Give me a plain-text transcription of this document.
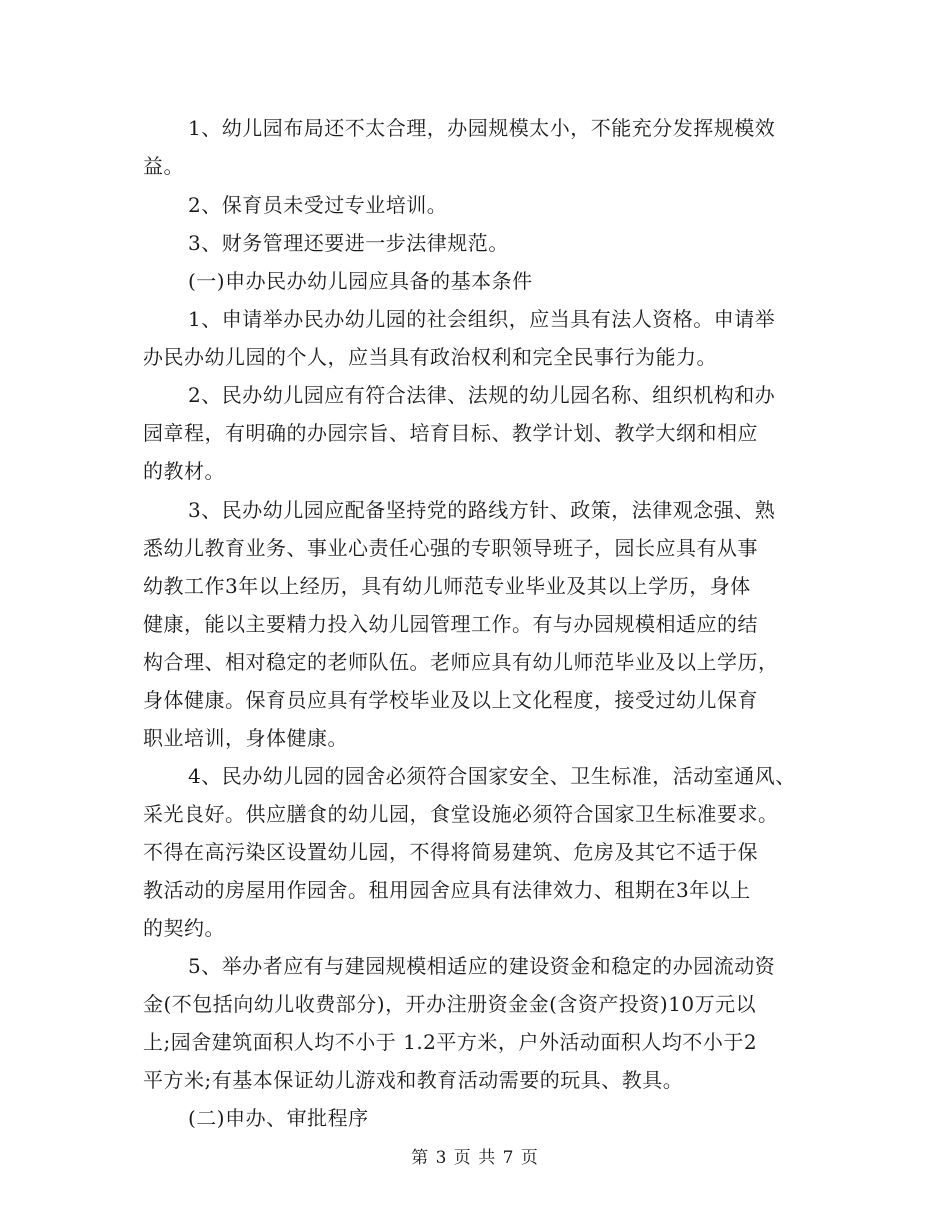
1、幼儿园布局还不太合理，办园规模太小，不能充分发挥规模效
益。
2、保育员未受过专业培训。
3、财务管理还要进一步法律规范。
(一)申办民办幼儿园应具备的基本条件
1、申请举办民办幼儿园的社会组织，应当具有法人资格。申请举
办民办幼儿园的个人，应当具有政治权利和完全民事行为能力。
2、民办幼儿园应有符合法律、法规的幼儿园名称、组织机构和办
园章程，有明确的办园宗旨、培育目标、教学计划、教学大纲和相应
的教材。
3、民办幼儿园应配备坚持党的路线方针、政策，法律观念强、熟
悉幼儿教育业务、事业心责任心强的专职领导班子，园长应具有从事
幼教工作3年以上经历，具有幼儿师范专业毕业及其以上学历，身体
健康，能以主要精力投入幼儿园管理工作。有与办园规模相适应的结
构合理、相对稳定的老师队伍。老师应具有幼儿师范毕业及以上学历，
身体健康。保育员应具有学校毕业及以上文化程度，接受过幼儿保育
职业培训，身体健康。
4、民办幼儿园的园舍必须符合国家安全、卫生标准，活动室通风、
采光良好。供应膳食的幼儿园，食堂设施必须符合国家卫生标准要求。
不得在高污染区设置幼儿园，不得将简易建筑、危房及其它不适于保
教活动的房屋用作园舍。租用园舍应具有法律效力、租期在3年以上
的契约。
5、举办者应有与建园规模相适应的建设资金和稳定的办园流动资
金(不包括向幼儿收费部分)，开办注册资金金(含资产投资)10万元以
上;园舍建筑面积人均不小于 1.2平方米，户外活动面积人均不小于2
平方米;有基本保证幼儿游戏和教育活动需要的玩具、教具。
(二)申办、审批程序
第 3 页 共 7 页
